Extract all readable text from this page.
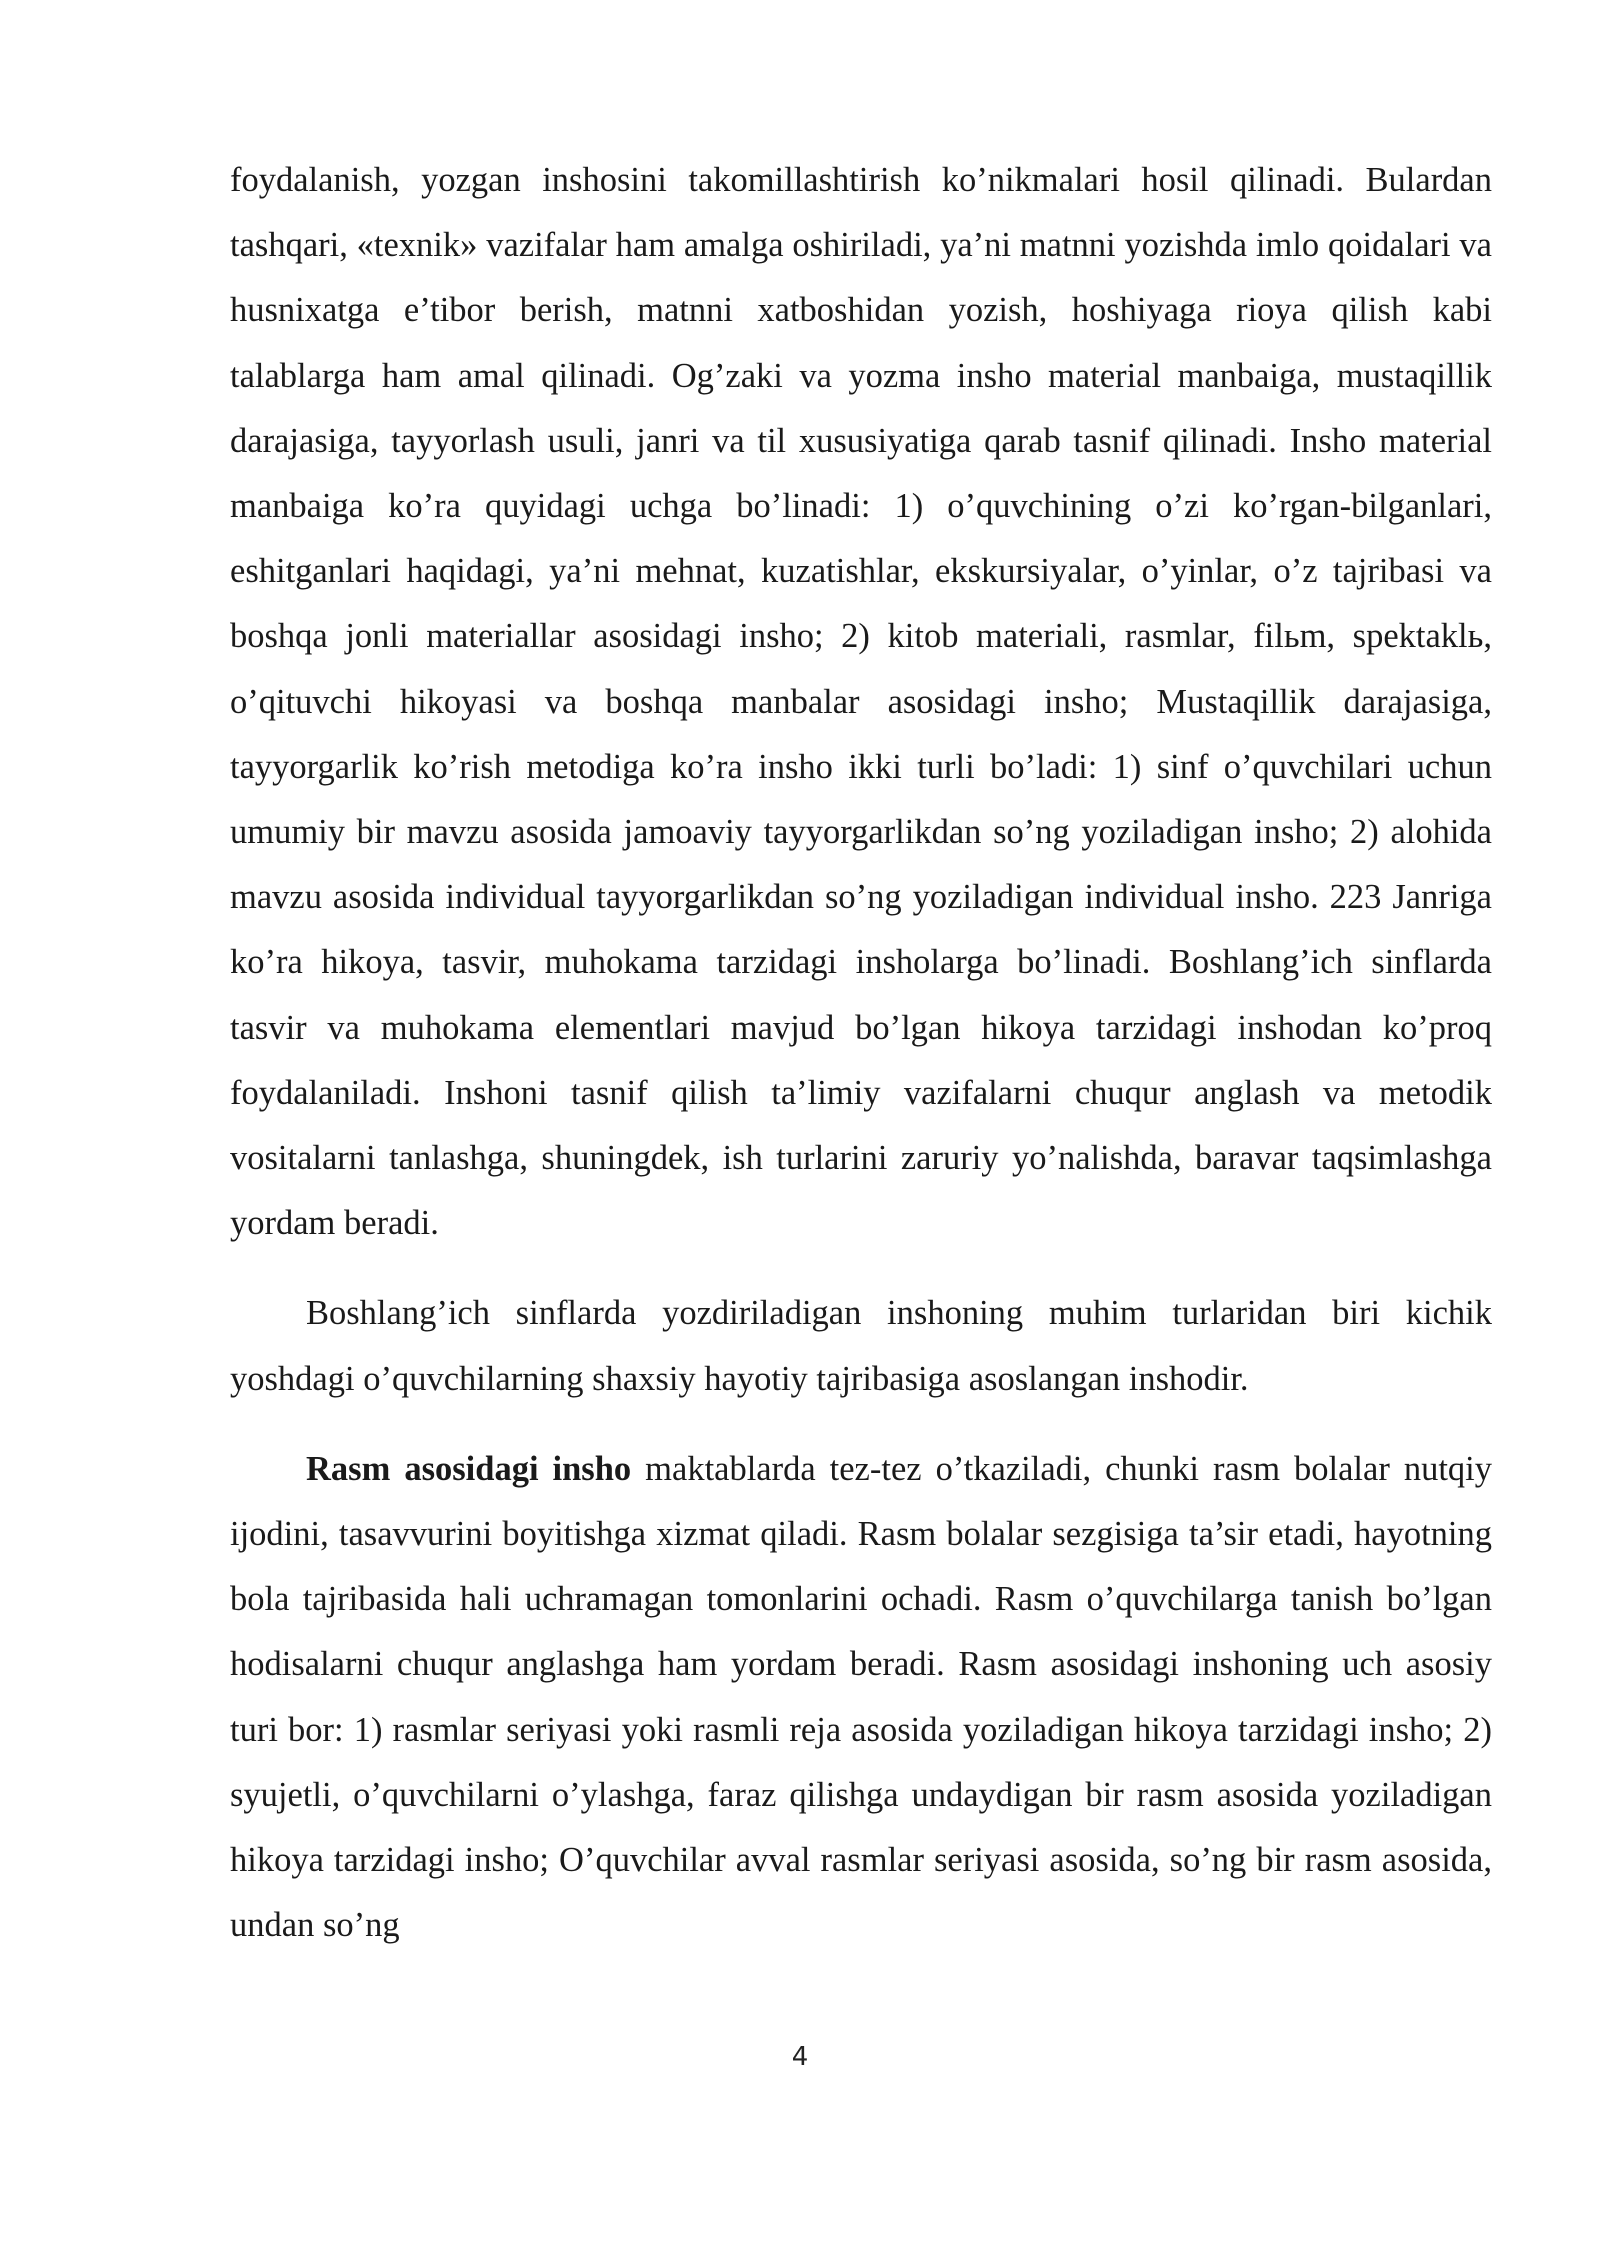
foydalanish, yozgan inshosini takomillashtirish ko’nikmalari hosil qilinadi. Bulardan tashqari, «texnik» vazifalar ham amalga oshiriladi, ya’ni matnni yozishda imlo qoidalari va husnixatga e’tibor berish, matnni xatboshidan yozish, hoshiyaga rioya qilish kabi talablarga ham amal qilinadi. Og’zaki va yozma insho material manbaiga, mustaqillik darajasiga, tayyorlash usuli, janri va til xususiyatiga qarab tasnif qilinadi. Insho material manbaiga ko’ra quyidagi uchga bo’linadi: 1) o’quvchining o’zi ko’rgan-bilganlari, eshitganlari haqidagi, ya’ni mehnat, kuzatishlar, ekskursiyalar, o’yinlar, o’z tajribasi va boshqa jonli materiallar asosidagi insho; 2) kitob materiali, rasmlar, filьm, spektaklь, o’qituvchi hikoyasi va boshqa manbalar asosidagi insho; Mustaqillik darajasiga, tayyorgarlik ko’rish metodiga ko’ra insho ikki turli bo’ladi: 1) sinf o’quvchilari uchun umumiy bir mavzu asosida jamoaviy tayyorgarlikdan so’ng yoziladigan insho; 2) alohida mavzu asosida individual tayyorgarlikdan so’ng yoziladigan individual insho. 223 Janriga ko’ra hikoya, tasvir, muhokama tarzidagi insholarga bo’linadi. Boshlang’ich sinflarda tasvir va muhokama elementlari mavjud bo’lgan hikoya tarzidagi inshodan ko’proq foydalaniladi. Inshoni tasnif qilish ta’limiy vazifalarni chuqur anglash va metodik vositalarni tanlashga, shuningdek, ish turlarini zaruriy yo’nalishda, baravar taqsimlashga yordam beradi.

Boshlang’ich sinflarda yozdiriladigan inshoning muhim turlaridan biri kichik yoshdagi o’quvchilarning shaxsiy hayotiy tajribasiga asoslangan inshodir.

Rasm asosidagi insho maktablarda tez-tez o’tkaziladi, chunki rasm bolalar nutqiy ijodini, tasavvurini boyitishga xizmat qiladi. Rasm bolalar sezgisiga ta’sir etadi, hayotning bola tajribasida hali uchramagan tomonlarini ochadi. Rasm o’quvchilarga tanish bo’lgan hodisalarni chuqur anglashga ham yordam beradi. Rasm asosidagi inshoning uch asosiy turi bor: 1) rasmlar seriyasi yoki rasmli reja asosida yoziladigan hikoya tarzidagi insho; 2) syujetli, o’quvchilarni o’ylashga, faraz qilishga undaydigan bir rasm asosida yoziladigan hikoya tarzidagi insho; O’quvchilar avval rasmlar seriyasi asosida, so’ng bir rasm asosida, undan so’ng

4
